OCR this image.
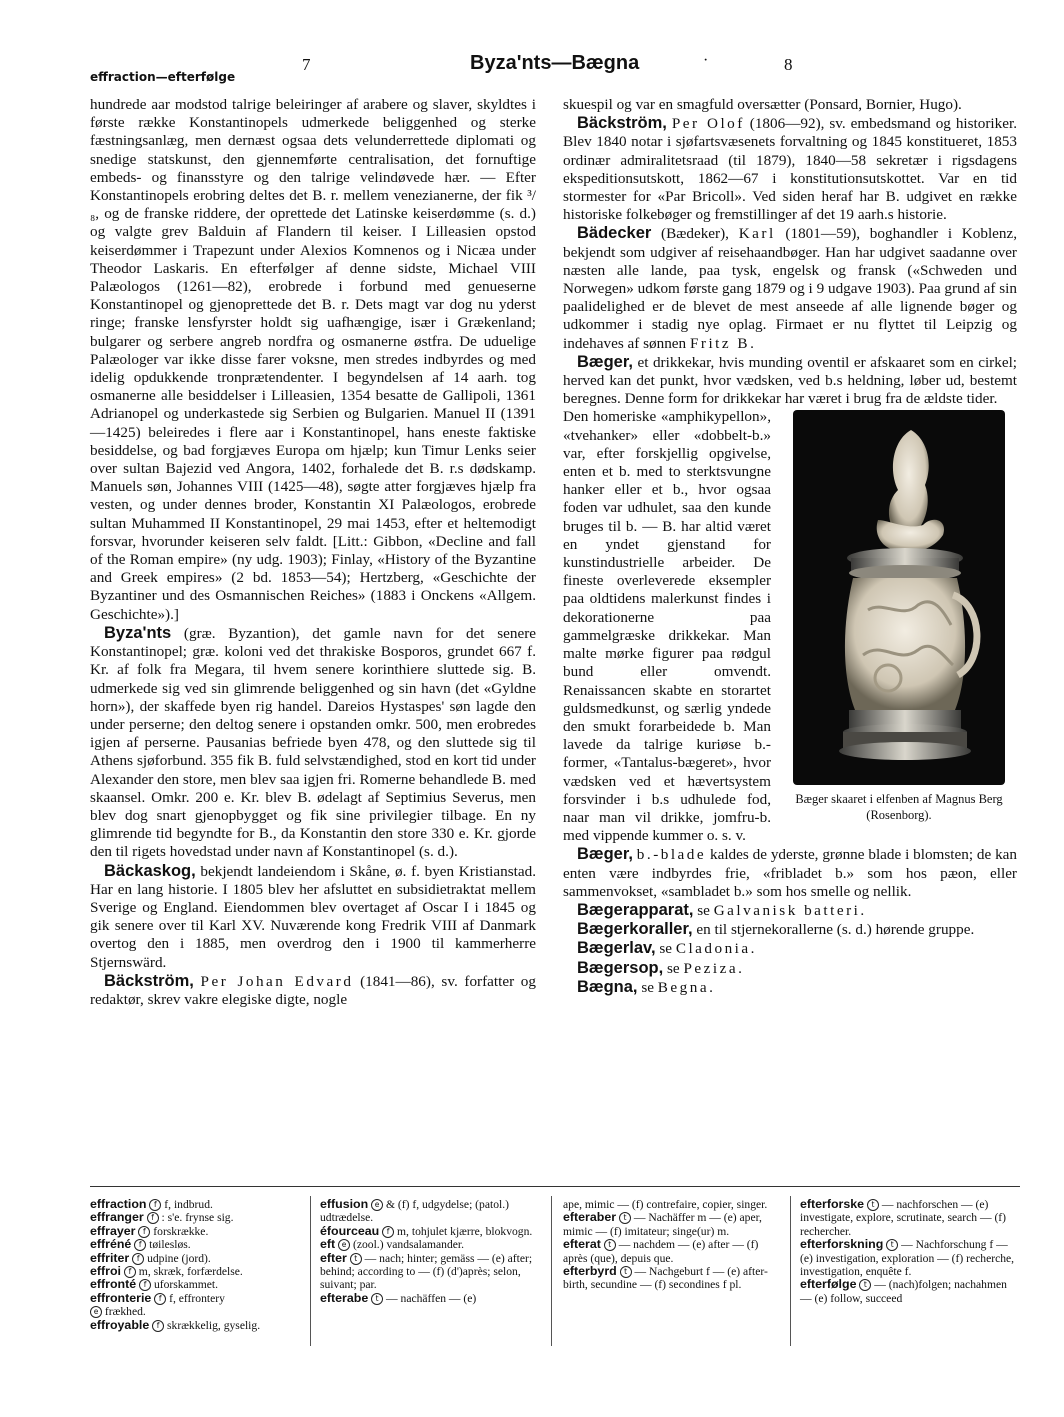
effraction—efterfølge
7	Byza'nts—Bægna	·	8

hundrede aar modstod talrige beleiringer af arabere og slaver, skyldtes i første række Konstantinopels udmerkede beliggenhed og sterke fæstningsanlæg, men dernæst ogsaa dets velunderrettede diplomati og snedige statskunst, den gjennemførte centralisation, det fornuftige embeds- og finansstyre og den talrige velindøvede hær. — Efter Konstantinopels erobring deltes det B. r. mellem venezianerne, der fik ³/₈, og de franske riddere, der oprettede det Latinske keiserdømme (s. d.) og valgte grev Balduin af Flandern til keiser. I Lilleasien opstod keiserdømmer i Trapezunt under Alexios Komnenos og i Nicæa under Theodor Laskaris. En efterfølger af denne sidste, Michael VIII Palæologos (1261—82), erobrede i forbund med genueserne Konstantinopel og gjenoprettede det B. r. Dets magt var dog nu yderst ringe; franske lensfyrster holdt sig uafhængige, især i Grækenland; bulgarer og serbere angreb nordfra og osmanerne østfra. De uduelige Palæologer var ikke disse farer voksne, men stredes indbyrdes og med idelig opdukkende tronprætendenter. I begyndelsen af 14 aarh. tog osmanerne alle besiddelser i Lilleasien, 1354 besatte de Gallipoli, 1361 Adrianopel og underkastede sig Serbien og Bulgarien. Manuel II (1391—1425) beleiredes i flere aar i Konstantinopel, hans eneste faktiske besiddelse, og bad forgjæves Europa om hjælp; kun Timur Lenks seier over sultan Bajezid ved Angora, 1402, forhalede det B. r.s dødskamp. Manuels søn, Johannes VIII (1425—48), søgte atter forgjæves hjælp fra vesten, og under dennes broder, Konstantin XI Palæologos, erobrede sultan Muhammed II Konstantinopel, 29 mai 1453, efter et heltemodigt forsvar, hvorunder keiseren selv faldt. [Litt.: Gibbon, «Decline and fall of the Roman empire» (ny udg. 1903); Finlay, «History of the Byzantine and Greek empires» (2 bd. 1853—54); Hertzberg, «Geschichte der Byzantiner und des Osmannischen Reiches» (1883 i Onckens «Allgem. Geschichte»).]

Byza'nts (græ. Byzantion), det gamle navn for det senere Konstantinopel; græ. koloni ved det thrakiske Bosporos, grundet 667 f. Kr. af folk fra Megara, til hvem senere korinthiere sluttede sig. B. udmerkede sig ved sin glimrende beliggenhed og sin havn (det «Gyldne horn»), der skaffede byen rig handel. Dareios Hystaspes' søn lagde den under perserne; den deltog senere i opstanden omkr. 500, men erobredes igjen af perserne. Pausanias befriede byen 478, og den sluttede sig til Athens sjøforbund. 355 fik B. fuld selvstændighed, stod en kort tid under Alexander den store, men blev saa igjen fri. Romerne behandlede B. med skaansel. Omkr. 200 e. Kr. blev B. ødelagt af Septimius Severus, men blev dog snart gjenopbygget og fik sine privilegier tilbage. En ny glimrende tid begyndte for B., da Konstantin den store 330 e. Kr. gjorde den til rigets hovedstad under navn af Konstantinopel (s. d.).

Bäckaskog, bekjendt landeiendom i Skåne, ø. f. byen Kristianstad. Har en lang historie. I 1805 blev her afsluttet en subsidietraktat mellem Sverige og England. Eiendommen blev overtaget af Oscar I i 1845 og gik senere over til Karl XV. Nuværende kong Fredrik VIII af Danmark overtog den i 1885, men overdrog den i 1900 til kammerherre Stjernswärd.

Bäckström, Per Johan Edvard (1841—86), sv. forfatter og redaktør, skrev vakre elegiske digte, nogle

skuespil og var en smagfuld oversætter (Ponsard, Bornier, Hugo).

Bäckström, Per Olof (1806—92), sv. embedsmand og historiker. Blev 1840 notar i sjøfartsvæsenets forvaltning og 1845 konstitueret, 1853 ordinær admiralitetsraad (til 1879), 1840—58 sekretær i rigsdagens ekspeditionsutskott, 1862—67 i konstitutionsutskottet. Var en tid stormester for «Par Bricoll». Ved siden heraf har B. udgivet en række historiske folkebøger og fremstillinger af det 19 aarh.s historie.

Bädecker (Bædeker), Karl (1801—59), boghandler i Koblenz, bekjendt som udgiver af reisehaandbøger. Han har udgivet saadanne over næsten alle lande, paa tysk, engelsk og fransk («Schweden und Norwegen» udkom første gang 1879 og i 9 udgave 1903). Paa grund af sin paalidelighed er de blevet de mest anseede af alle lignende bøger og udkommer i stadig nye oplag. Firmaet er nu flyttet til Leipzig og indehaves af sønnen Fritz B.

Bæger, et drikkekar, hvis munding oventil er afskaaret som en cirkel; herved kan det punkt, hvor vædsken, ved b.s heldning, løber ud, bestemt beregnes. Denne form for drikkekar har været i brug fra de ældste tider.

Bæger skaaret i elfenben af Magnus Berg (Rosenborg).

Den homeriske «amphikypellon», «tvehanker» eller «dobbelt-b.» var, efter forskjellig opgivelse, enten et b. med to sterktsvungne hanker eller et b., hvor ogsaa foden var udhulet, saa den kunde bruges til b. — B. har altid været en yndet gjenstand for kunstindustrielle arbeider. De fineste overleverede eksempler paa oldtidens malerkunst findes i dekorationerne paa gammelgræske drikkekar. Man malte mørke figurer paa rødgul bund eller omvendt. Renaissancen skabte en storartet guldsmedkunst, og særlig yndede den smukt forarbeidede b. Man lavede da talrige kuriøse b.-former, «Tantalus-bægeret», hvor vædsken ved et hævertsystem forsvinder i b.s udhulede fod, naar man vil drikke, jomfru-b. med vippende kummer o. s. v.

Bæger, b.-blade kaldes de yderste, grønne blade i blomsten; de kan enten være indbyrdes frie, «fribladet b.» som hos pæon, eller sammenvokset, «sambladet b.» som hos smelle og nellik.

Bægerapparat, se Galvanisk batteri.

Bægerkoraller, en til stjernekorallerne (s. d.) hørende gruppe.

Bægerlav, se Cladonia.

Bægersop, se Peziza.

Bægna, se Begna.

effraction f f, indbrud.
effranger f : s'e. frynse sig.
effrayer f forskrække.
effréné f tøilesløs.
effriter f udpine (jord).
effroi f m, skræk, forfærdelse.
effronté f uforskammet.
effronterie f f, effrontery
e frækhed.
effroyable f skrækkelig, gyselig.
effusion e & (f) f, udgydelse; (patol.) udtrædelse.
éfourceau f m, tohjulet kjærre, blokvogn.
eft e (zool.) vandsalamander.
efter t — nach; hinter; gemäss — (e) after; behind; according to — (f) (d')après; selon, suivant; par.
efterabe t — nachäffen — (e)
ape, mimic — (f) contrefaire, copier, singer.
efteraber t — Nachäffer m — (e) aper, mimic — (f) imitateur; singe(ur) m.
efterat t — nachdem — (e) after — (f) après (que), depuis que.
efterbyrd t — Nachgeburt f — (e) after-birth, secundine — (f) secondines f pl.
efterforske t — nachforschen — (e) investigate, explore, scrutinate, search — (f) rechercher.
efterforskning t — Nachforschung f — (e) investigation, exploration — (f) recherche, investigation, enquête f.
efterfølge t — (nach)folgen; nachahmen — (e) follow, succeed
